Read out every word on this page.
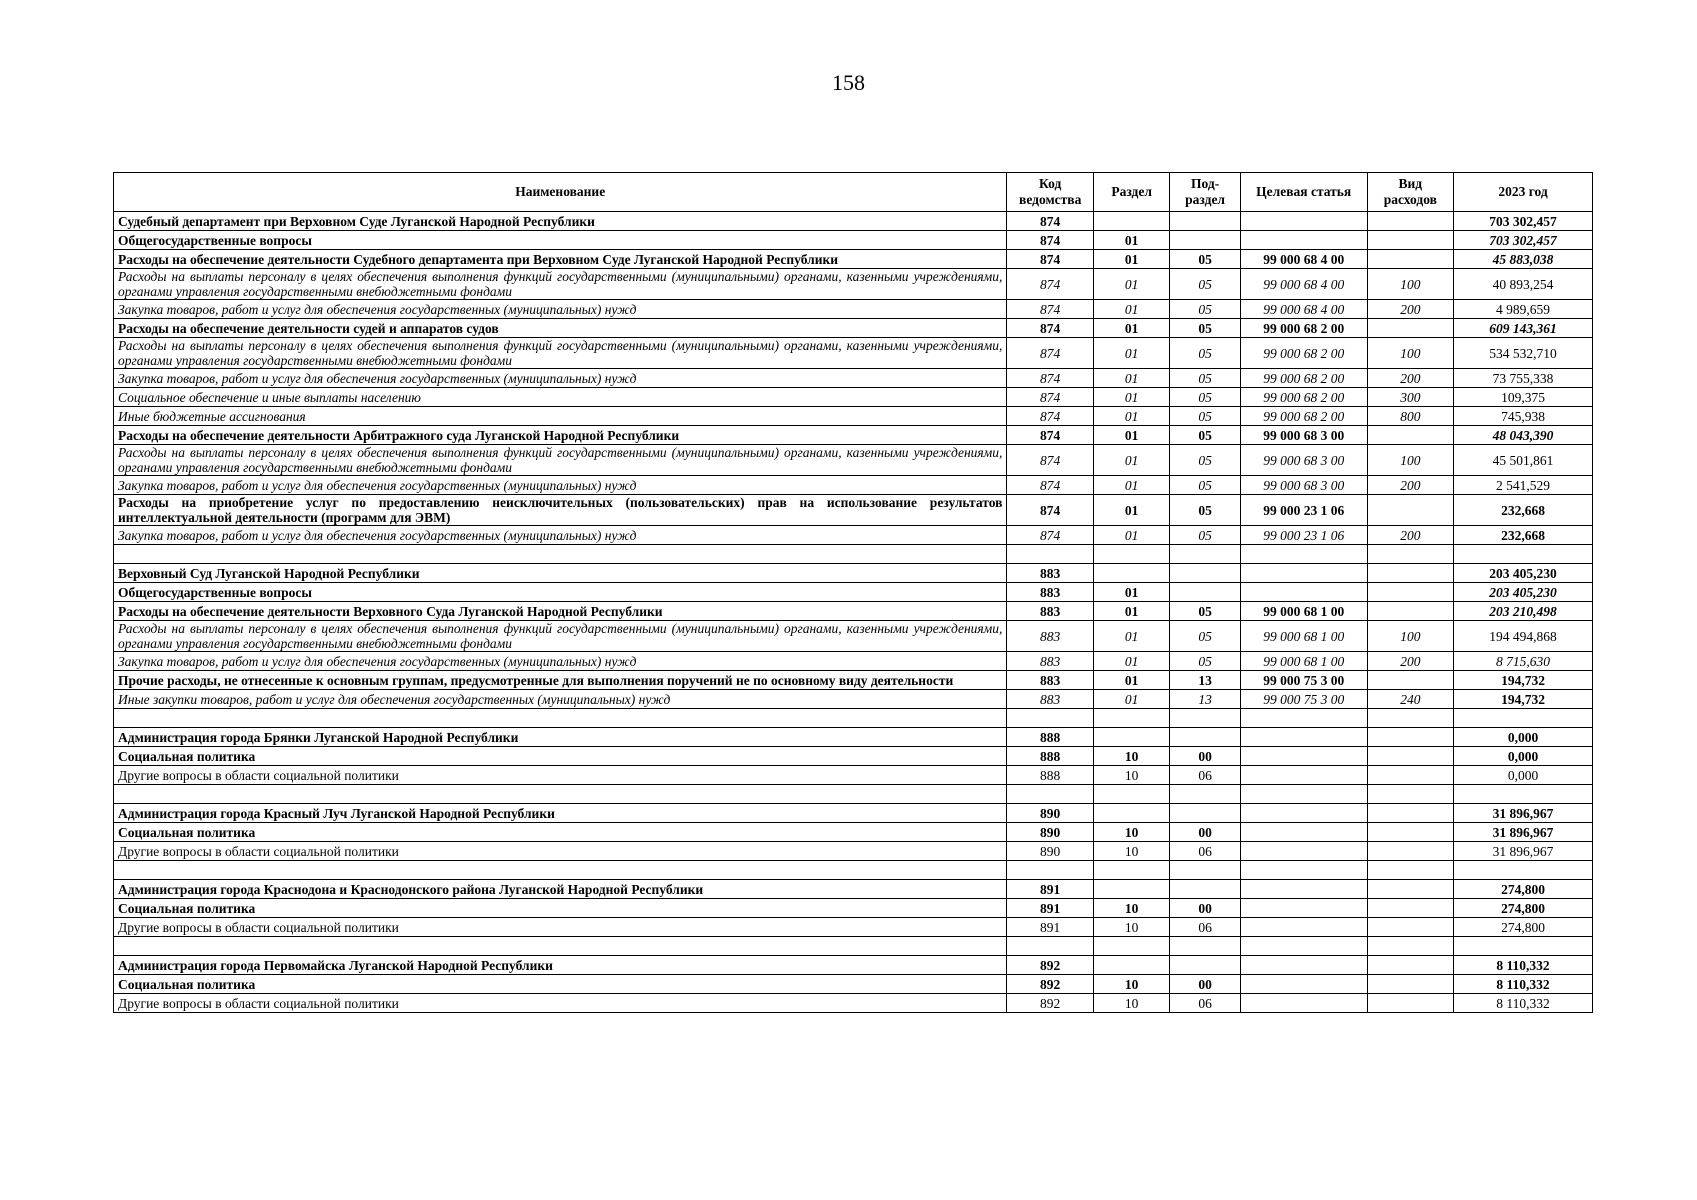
158
Наименование	Код ведомства	Раздел	Под-раздел	Целевая статья	Вид расходов	2023 год
Судебный департамент при Верховном Суде Луганской Народной Республики	874					703 302,457
Общегосударственные вопросы	874	01				703 302,457
Расходы на обеспечение деятельности Судебного департамента при Верховном Суде Луганской Народной Республики	874	01	05	99 000 68 4 00		45 883,038
Расходы на выплаты персоналу в целях обеспечения выполнения функций государственными (муниципальными) органами, казенными учреждениями, органами управления государственными внебюджетными фондами	874	01	05	99 000 68 4 00	100	40 893,254
Закупка товаров, работ и услуг для обеспечения государственных (муниципальных) нужд	874	01	05	99 000 68 4 00	200	4 989,659
Расходы на обеспечение деятельности судей и аппаратов судов	874	01	05	99 000 68 2 00		609 143,361
Расходы на выплаты персоналу в целях обеспечения выполнения функций государственными (муниципальными) органами, казенными учреждениями, органами управления государственными внебюджетными фондами	874	01	05	99 000 68 2 00	100	534 532,710
Закупка товаров, работ и услуг для обеспечения государственных (муниципальных) нужд	874	01	05	99 000 68 2 00	200	73 755,338
Социальное обеспечение и иные выплаты населению	874	01	05	99 000 68 2 00	300	109,375
Иные бюджетные ассигнования	874	01	05	99 000 68 2 00	800	745,938
Расходы на обеспечение деятельности Арбитражного суда Луганской Народной Республики	874	01	05	99 000 68 3 00		48 043,390
Расходы на выплаты персоналу в целях обеспечения выполнения функций государственными (муниципальными) органами, казенными учреждениями, органами управления государственными внебюджетными фондами	874	01	05	99 000 68 3 00	100	45 501,861
Закупка товаров, работ и услуг для обеспечения государственных (муниципальных) нужд	874	01	05	99 000 68 3 00	200	2 541,529
Расходы на приобретение услуг по предоставлению неисключительных (пользовательских) прав на использование результатов интеллектуальной деятельности (программ для ЭВМ)	874	01	05	99 000 23 1 06		232,668
Закупка товаров, работ и услуг для обеспечения государственных (муниципальных) нужд	874	01	05	99 000 23 1 06	200	232,668

Верховный Суд Луганской Народной Республики	883					203 405,230
Общегосударственные вопросы	883	01				203 405,230
Расходы на обеспечение деятельности Верховного Суда Луганской Народной Республики	883	01	05	99 000 68 1 00		203 210,498
Расходы на выплаты персоналу в целях обеспечения выполнения функций государственными (муниципальными) органами, казенными учреждениями, органами управления государственными внебюджетными фондами	883	01	05	99 000 68 1 00	100	194 494,868
Закупка товаров, работ и услуг для обеспечения государственных (муниципальных) нужд	883	01	05	99 000 68 1 00	200	8 715,630
Прочие расходы, не отнесенные к основным группам, предусмотренные для выполнения поручений не по основному виду деятельности	883	01	13	99 000 75 3 00		194,732
Иные закупки товаров, работ и услуг для обеспечения государственных (муниципальных) нужд	883	01	13	99 000 75 3 00	240	194,732

Администрация города Брянки Луганской Народной Республики	888					0,000
Социальная политика	888	10	00			0,000
Другие вопросы в области социальной политики	888	10	06			0,000

Администрация города Красный Луч Луганской Народной Республики	890					31 896,967
Социальная политика	890	10	00			31 896,967
Другие вопросы в области социальной политики	890	10	06			31 896,967

Администрация города Краснодона и Краснодонского района Луганской Народной Республики	891					274,800
Социальная политика	891	10	00			274,800
Другие вопросы в области социальной политики	891	10	06			274,800

Администрация города Первомайска Луганской Народной Республики	892					8 110,332
Социальная политика	892	10	00			8 110,332
Другие вопросы в области социальной политики	892	10	06			8 110,332
